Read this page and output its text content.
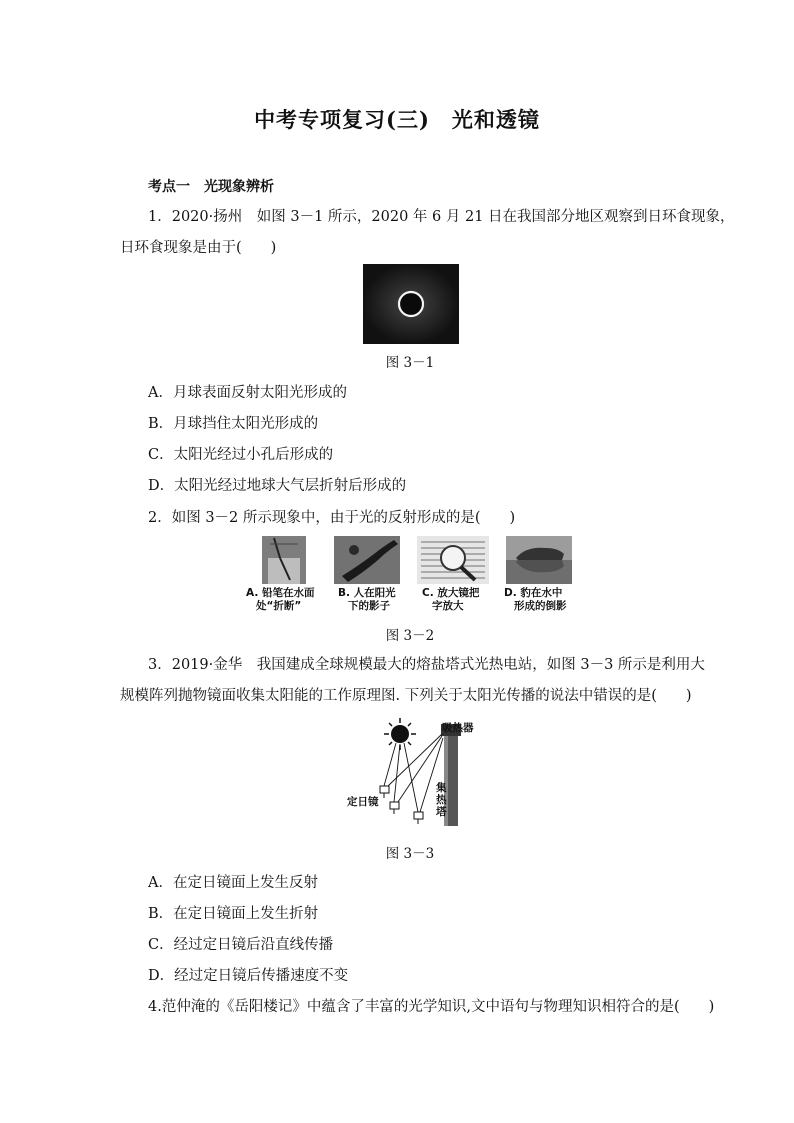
中考专项复习(三)　光和透镜
考点一　光现象辨析
1．2020·扬州　如图 3－1 所示，2020 年 6 月 21 日在我国部分地区观察到日环食现象，
日环食现象是由于(　　)
图 3－1
A．月球表面反射太阳光形成的
B．月球挡住太阳光形成的
C．太阳光经过小孔后形成的
D．太阳光经过地球大气层折射后形成的
2．如图 3－2 所示现象中，由于光的反射形成的是(　　)
A. 铅笔在水面
处“折断”
B. 人在阳光
下的影子
C. 放大镜把
字放大
D. 豹在水中
形成的倒影
图 3－2
3．2019·金华　我国建成全球规模最大的熔盐塔式光热电站，如图 3－3 所示是利用大
规模阵列抛物镜面收集太阳能的工作原理图. 下列关于太阳光传播的说法中错误的是(　　)
吸热器
定日镜
集
热
塔
图 3－3
A．在定日镜面上发生反射
B．在定日镜面上发生折射
C．经过定日镜后沿直线传播
D．经过定日镜后传播速度不变
4.范仲淹的《岳阳楼记》中蕴含了丰富的光学知识,文中语句与物理知识相符合的是(　　)
